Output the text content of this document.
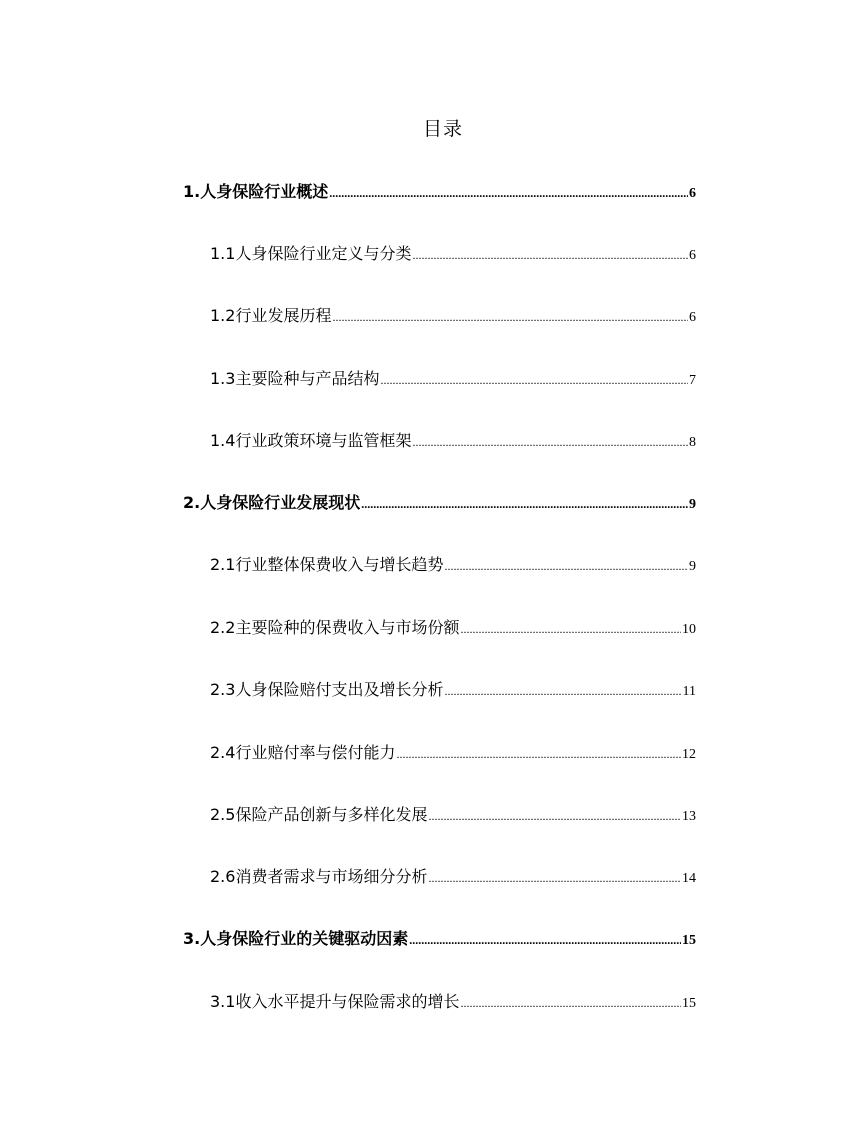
目录
1. 人身保险行业概述 .....	6
1.1 人身保险行业定义与分类 .....	6
1.2 行业发展历程 .....	6
1.3 主要险种与产品结构 .....	7
1.4 行业政策环境与监管框架 .....	8
2. 人身保险行业发展现状 .....	9
2.1 行业整体保费收入与增长趋势 .....	9
2.2 主要险种的保费收入与市场份额 .....	10
2.3 人身保险赔付支出及增长分析 .....	11
2.4 行业赔付率与偿付能力 .....	12
2.5 保险产品创新与多样化发展 .....	13
2.6 消费者需求与市场细分分析 .....	14
3. 人身保险行业的关键驱动因素 .....	15
3.1 收入水平提升与保险需求的增长 .....	15
